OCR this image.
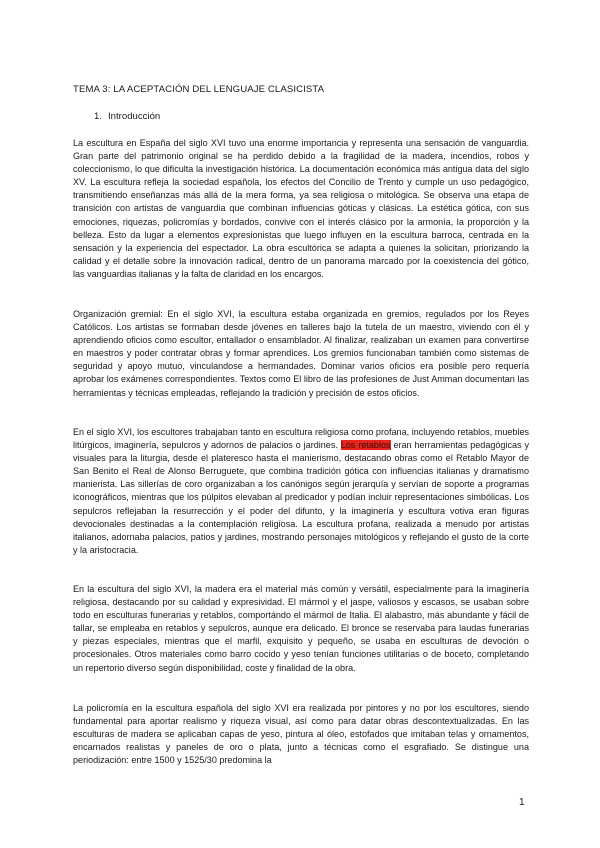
TEMA 3: LA ACEPTACIÓN DEL LENGUAJE CLASICISTA
1. Introducción

La escultura en España del siglo XVI tuvo una enorme importancia y representa una sensación de vanguardia. Gran parte del patrimonio original se ha perdido debido a la fragilidad de la madera, incendios, robos y coleccionismo, lo que dificulta la investigación histórica. La documentación económica más antigua data del siglo XV. La escultura refleja la sociedad española, los efectos del Concilio de Trento y cumple un uso pedagógico, transmitiendo enseñanzas más allá de la mera forma, ya sea religiosa o mitológica. Se observa una etapa de transición con artistas de vanguardia que combinan influencias góticas y clásicas. La estética gótica, con sus emociones, riquezas, policromías y bordados, convive con el interés clásico por la armonía, la proporción y la belleza. Esto da lugar a elementos expresionistas que luego influyen en la escultura barroca, centrada en la sensación y la experiencia del espectador. La obra escultórica se adapta a quienes la solicitan, priorizando la calidad y el detalle sobre la innovación radical, dentro de un panorama marcado por la coexistencia del gótico, las vanguardias italianas y la falta de claridad en los encargos.

Organización gremial: En el siglo XVI, la escultura estaba organizada en gremios, regulados por los Reyes Católicos. Los artistas se formaban desde jóvenes en talleres bajo la tutela de un maestro, viviendo con él y aprendiendo oficios como escultor, entallador o ensamblador. Al finalizar, realizaban un examen para convertirse en maestros y poder contratar obras y formar aprendices. Los gremios funcionaban también como sistemas de seguridad y apoyo mutuo, vinculandose a hermandades. Dominar varios oficios era posible pero requería aprobar los exámenes correspondientes. Textos como El libro de las profesiones de Just Amman documentan las herramientas y técnicas empleadas, reflejando la tradición y precisión de estos oficios.

En el siglo XVI, los escultores trabajaban tanto en escultura religiosa como profana, incluyendo retablos, muebles litúrgicos, imaginería, sepulcros y adornos de palacios o jardines. Los retablos eran herramientas pedagógicas y visuales para la liturgia, desde el plateresco hasta el manierismo, destacando obras como el Retablo Mayor de San Benito el Real de Alonso Berruguete, que combina tradición gótica con influencias italianas y dramatismo manierista. Las sillerías de coro organizaban a los canónigos según jerarquía y servían de soporte a programas iconográficos, mientras que los púlpitos elevaban al predicador y podían incluir representaciones simbólicas. Los sepulcros reflejaban la resurrección y el poder del difunto, y la imaginería y escultura votiva eran figuras devocionales destinadas a la contemplación religiosa. La escultura profana, realizada a menudo por artistas italianos, adornaba palacios, patios y jardines, mostrando personajes mitológicos y reflejando el gusto de la corte y la aristocracia.

En la escultura del siglo XVI, la madera era el material más común y versátil, especialmente para la imaginería religiosa, destacando por su calidad y expresividad. El mármol y el jaspe, valiosos y escasos, se usaban sobre todo en esculturas funerarias y retablos, comportándo el mármol de Italia. El alabastro, más abundante y fácil de tallar, se empleaba en retablos y sepulcros, aunque era delicado. El bronce se reservaba para laudas funerarias y piezas especiales, mientras que el marfil, exquisito y pequeño, se usaba en esculturas de devoción o procesionales. Otros materiales como barro cocido y yeso tenían funciones utilitarias o de boceto, completando un repertorio diverso según disponibilidad, coste y finalidad de la obra.

La policromía en la escultura española del siglo XVI era realizada por pintores y no por los escultores, siendo fundamental para aportar realismo y riqueza visual, así como para datar obras descontextualizadas. En las esculturas de madera se aplicaban capas de yeso, pintura al óleo, estofados que imitaban telas y ornamentos, encarnados realistas y paneles de oro o plata, junto a técnicas como el esgrafiado. Se distingue una periodización: entre 1500 y 1525/30 predomina la

1
